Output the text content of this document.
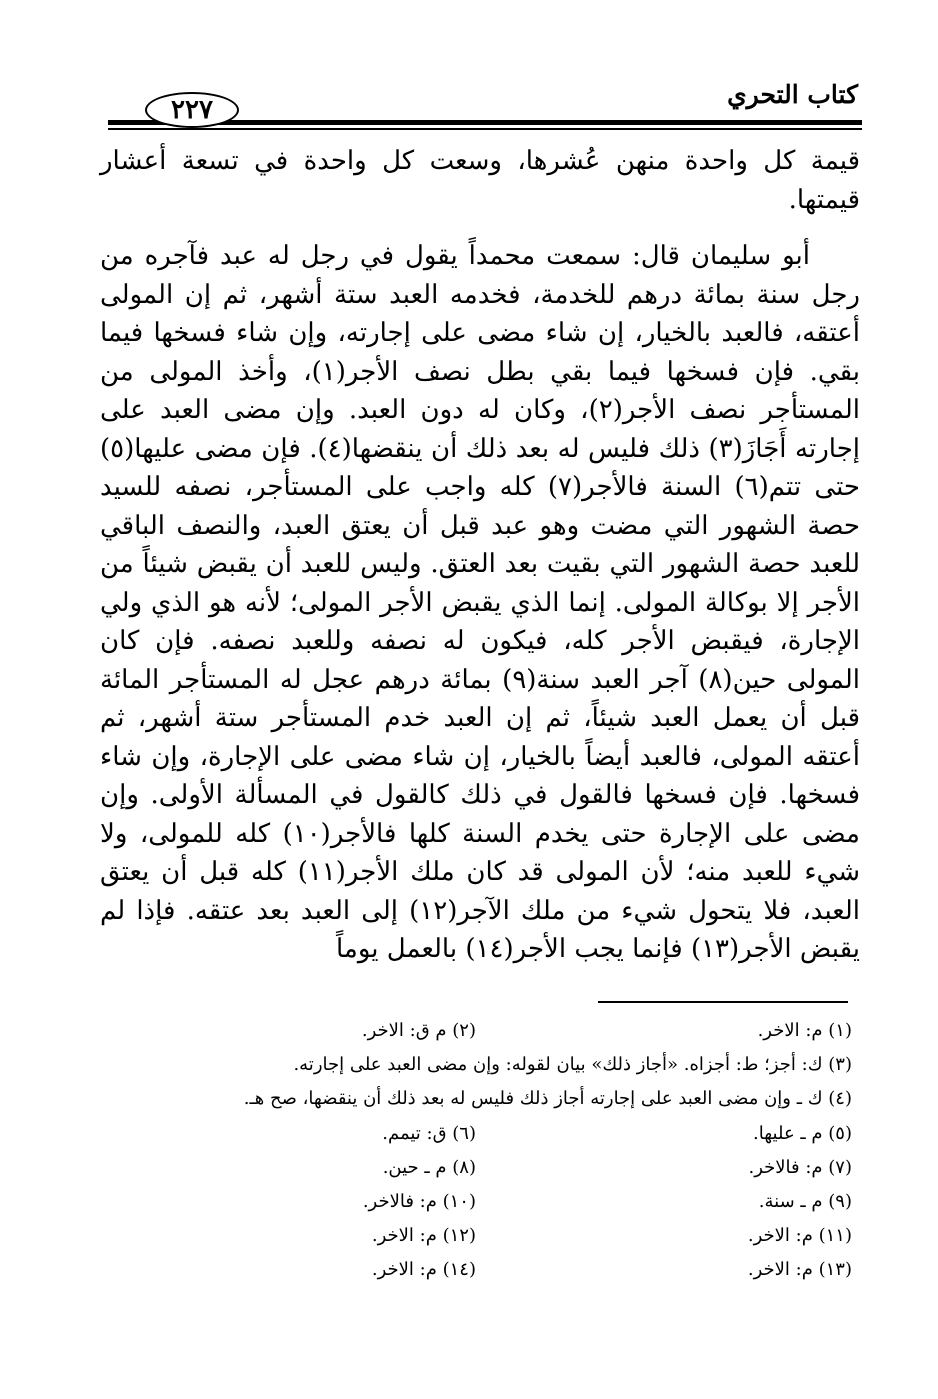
كتاب التحري
٢٢٧

قيمة كل واحدة منهن عُشرها، وسعت كل واحدة في تسعة أعشار قيمتها.

أبو سليمان قال: سمعت محمداً يقول في رجل له عبد فآجره من رجل سنة بمائة درهم للخدمة، فخدمه العبد ستة أشهر، ثم إن المولى أعتقه، فالعبد بالخيار، إن شاء مضى على إجارته، وإن شاء فسخها فيما بقي. فإن فسخها فيما بقي بطل نصف الأجر(١)، وأخذ المولى من المستأجر نصف الأجر(٢)، وكان له دون العبد. وإن مضى العبد على إجارته أَجَازَ(٣) ذلك فليس له بعد ذلك أن ينقضها(٤). فإن مضى عليها(٥) حتى تتم(٦) السنة فالأجر(٧) كله واجب على المستأجر، نصفه للسيد حصة الشهور التي مضت وهو عبد قبل أن يعتق العبد، والنصف الباقي للعبد حصة الشهور التي بقيت بعد العتق. وليس للعبد أن يقبض شيئاً من الأجر إلا بوكالة المولى. إنما الذي يقبض الأجر المولى؛ لأنه هو الذي ولي الإجارة، فيقبض الأجر كله، فيكون له نصفه وللعبد نصفه. فإن كان المولى حين(٨) آجر العبد سنة(٩) بمائة درهم عجل له المستأجر المائة قبل أن يعمل العبد شيئاً، ثم إن العبد خدم المستأجر ستة أشهر، ثم أعتقه المولى، فالعبد أيضاً بالخيار، إن شاء مضى على الإجارة، وإن شاء فسخها. فإن فسخها فالقول في ذلك كالقول في المسألة الأولى. وإن مضى على الإجارة حتى يخدم السنة كلها فالأجر(١٠) كله للمولى، ولا شيء للعبد منه؛ لأن المولى قد كان ملك الأجر(١١) كله قبل أن يعتق العبد، فلا يتحول شيء من ملك الآجر(١٢) إلى العبد بعد عتقه. فإذا لم يقبض الأجر(١٣) فإنما يجب الأجر(١٤) بالعمل يوماً

(١) م: الاخر.
(٢) م ق: الاخر.
(٣) ك: أجز؛ ط: أجزاه. «أجاز ذلك» بيان لقوله: وإن مضى العبد على إجارته.
(٤) ك ـ وإن مضى العبد على إجارته أجاز ذلك فليس له بعد ذلك أن ينقضها، صح هـ.
(٥) م ـ عليها.
(٦) ق: تيمم.
(٧) م: فالاخر.
(٨) م ـ حين.
(٩) م ـ سنة.
(١٠) م: فالاخر.
(١١) م: الاخر.
(١٢) م: الاخر.
(١٣) م: الاخر.
(١٤) م: الاخر.
